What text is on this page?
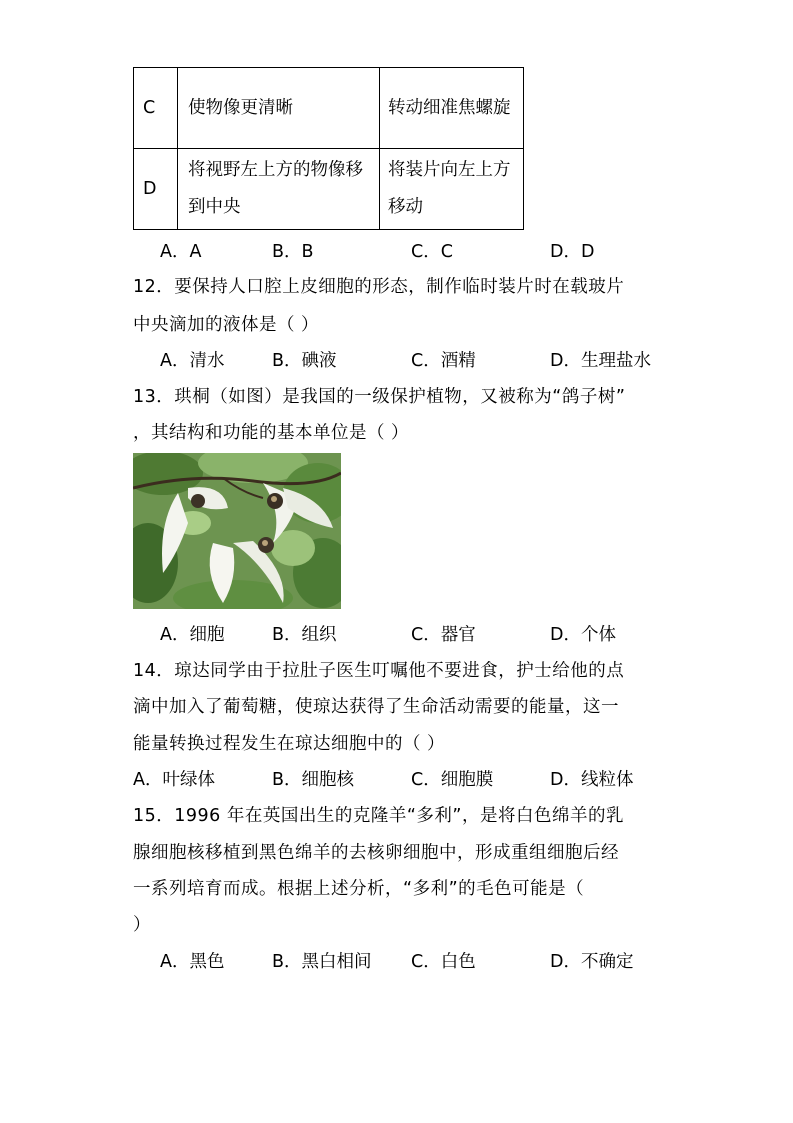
C	使物像更清晰	转动细准焦螺旋
D	将视野左上方的物像移到中央	将装片向左上方移动
A．A	B．B	C．C	D．D
12．要保持人口腔上皮细胞的形态，制作临时装片时在载玻片
中央滴加的液体是（ ）
A．清水	B．碘液	C．酒精	D．生理盐水
13．珙桐（如图）是我国的一级保护植物，又被称为“鸽子树”
，其结构和功能的基本单位是（ ）
A．细胞	B．组织	C．器官	D．个体
14．琼达同学由于拉肚子医生叮嘱他不要进食，护士给他的点
滴中加入了葡萄糖，使琼达获得了生命活动需要的能量，这一
能量转换过程发生在琼达细胞中的（ ）
A．叶绿体	B．细胞核	C．细胞膜	D．线粒体
15．1996 年在英国出生的克隆羊“多利”，是将白色绵羊的乳
腺细胞核移植到黑色绵羊的去核卵细胞中，形成重组细胞后经
一系列培育而成。根据上述分析，“多利”的毛色可能是（
）
A．黑色	B．黑白相间 C．白色	D．不确定
